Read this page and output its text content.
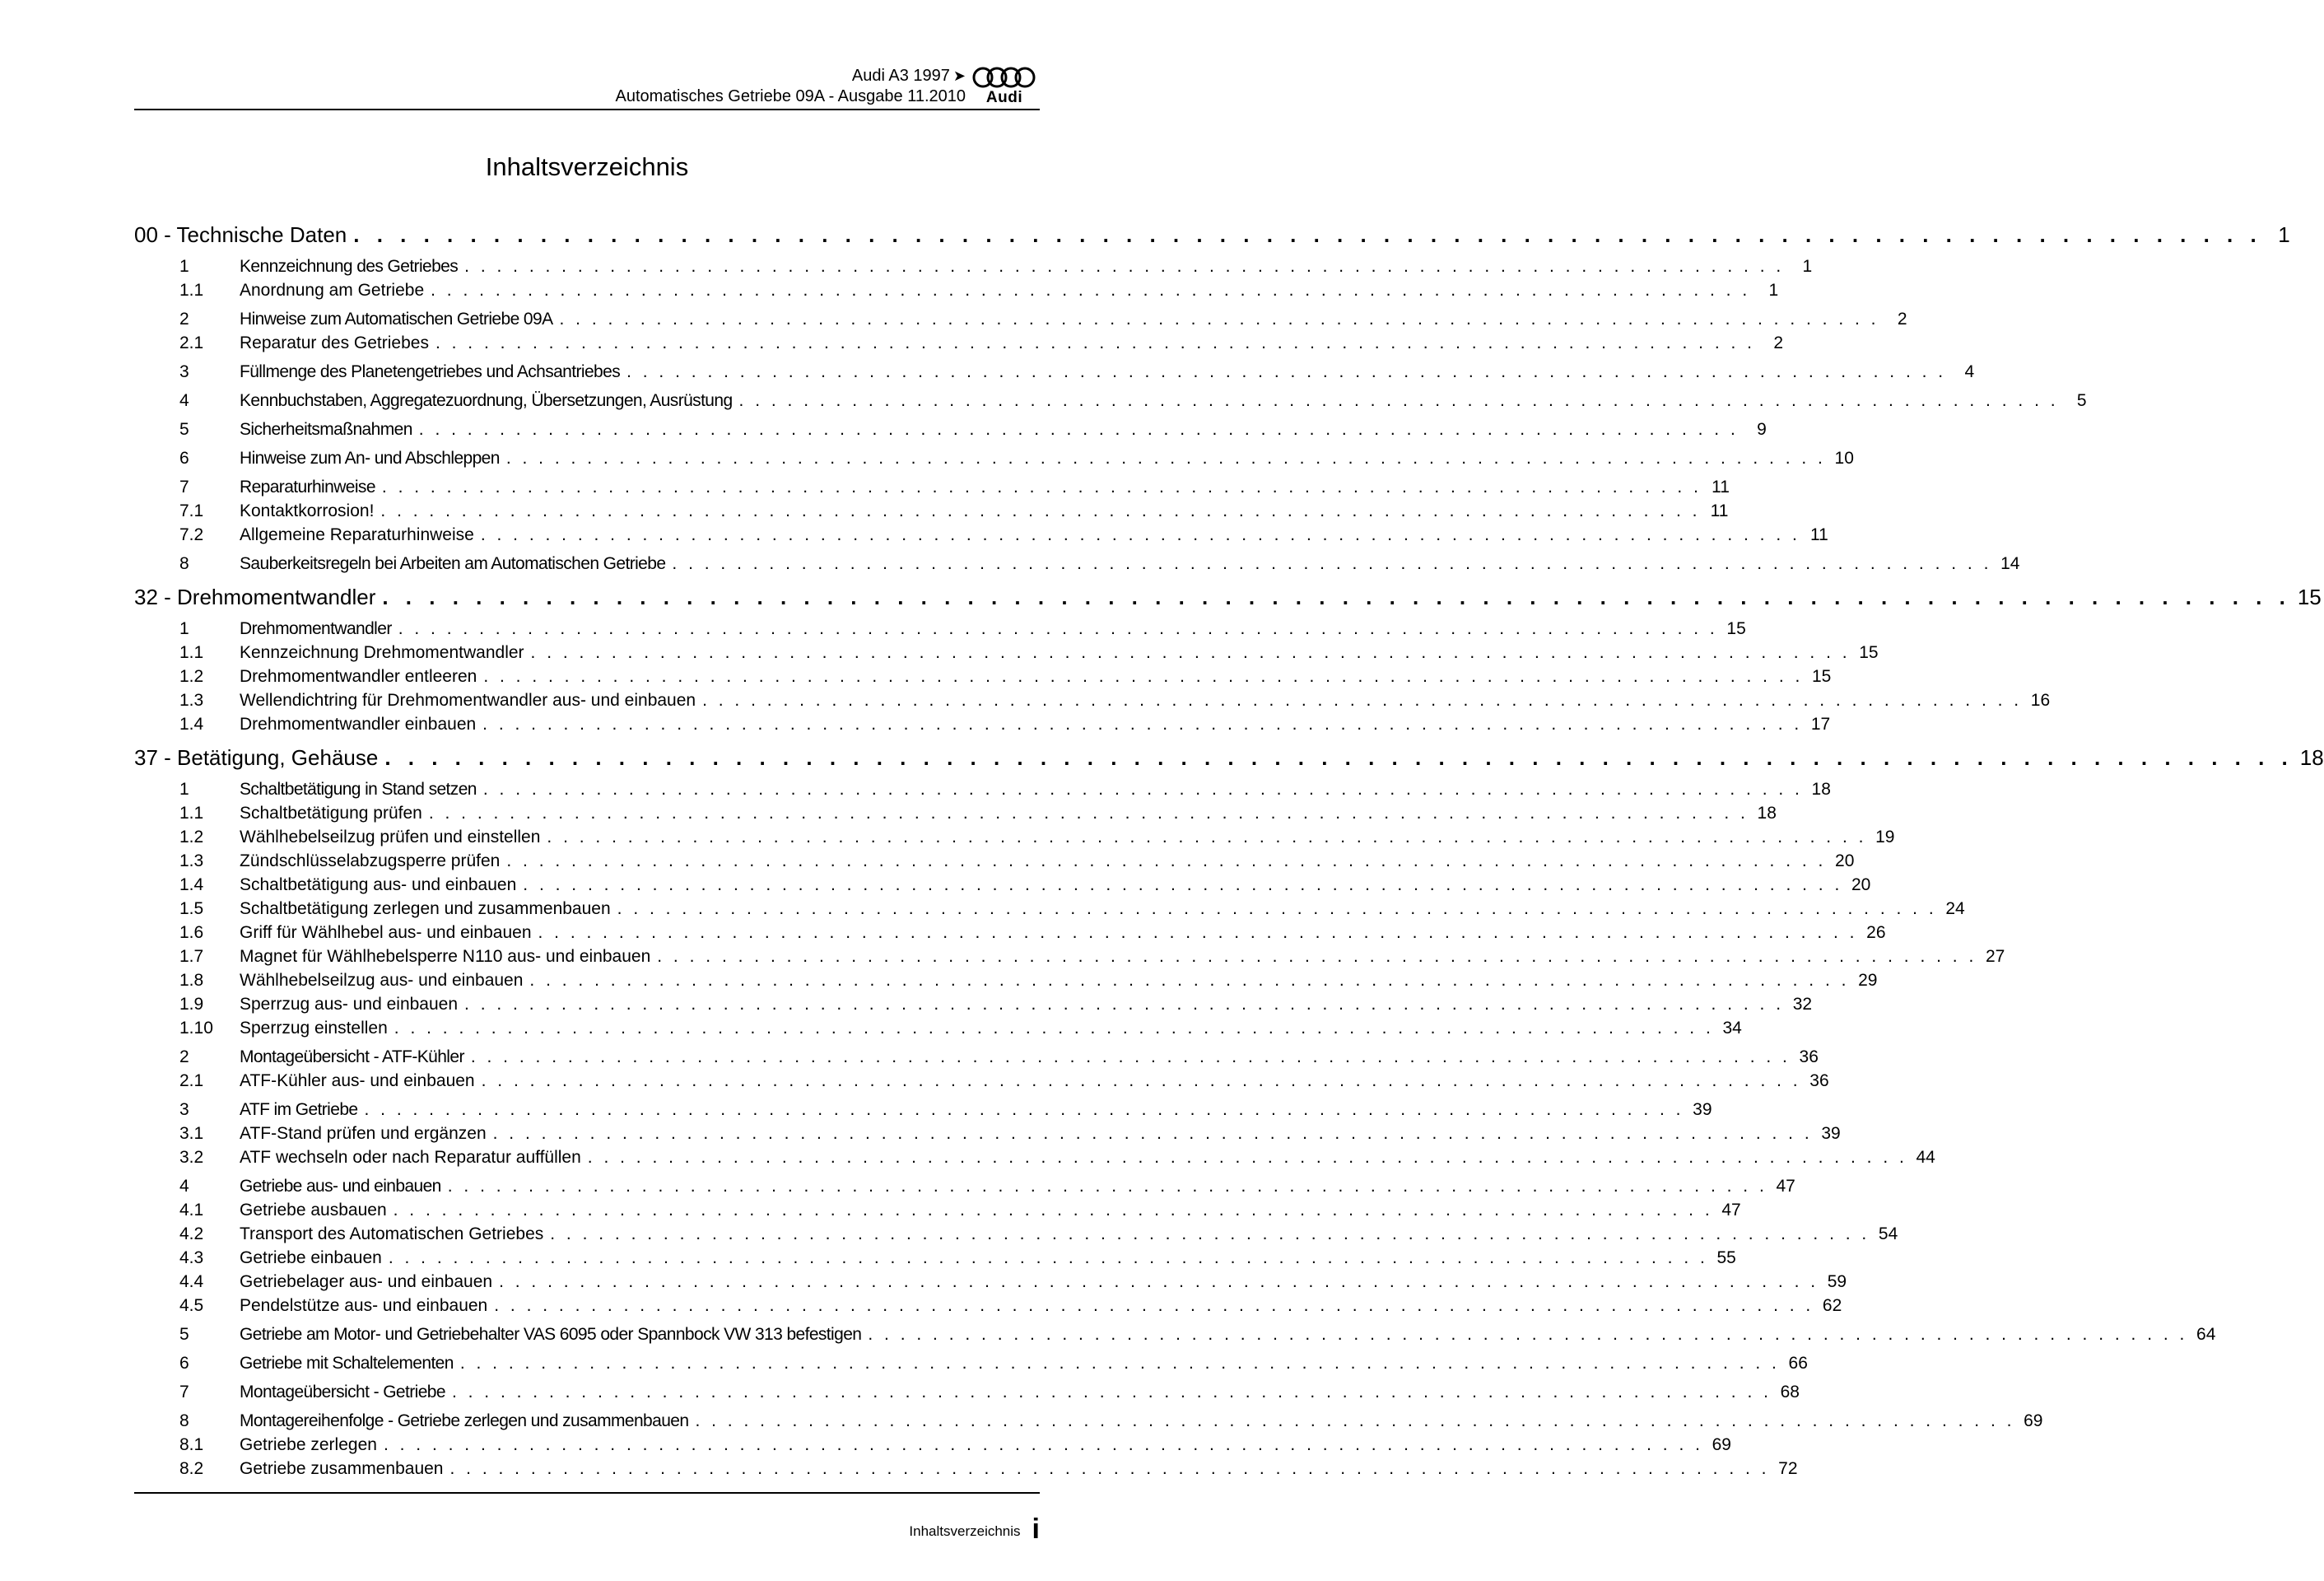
Audi A3 1997 ➤
Automatisches Getriebe 09A - Ausgabe 11.2010	Audi
Inhaltsverzeichnis
00 - Technische Daten . . . . . . . . . . . . . . . . . . . . . . . . . . . . . . . . . . . . . . . . . . . . . . . . . . . . . . . . . . . . . . . . . . . . . . . . . . . . . . . . . . 1
1	Kennzeichnung des Getriebes . . . . . . . . . . . . . . . . . . . . . . . . . . . . . . . . . . . . . . . . . . . . . . . . . . . . . . . . . . . . . . . . . . . . . . . . . . . . . . . . . .	1
1.1	Anordnung am Getriebe . . . . . . . . . . . . . . . . . . . . . . . . . . . . . . . . . . . . . . . . . . . . . . . . . . . . . . . . . . . . . . . . . . . . . . . . . . . . . . . . . .	1
2	Hinweise zum Automatischen Getriebe 09A . . . . . . . . . . . . . . . . . . . . . . . . . . . . . . . . . . . . . . . . . . . . . . . . . . . . . . . . . . . . . . . . . . . . . . . . . . . . . . . . . .	2
2.1	Reparatur des Getriebes . . . . . . . . . . . . . . . . . . . . . . . . . . . . . . . . . . . . . . . . . . . . . . . . . . . . . . . . . . . . . . . . . . . . . . . . . . . . . . . . . .	2
3	Füllmenge des Planetengetriebes und Achsantriebes . . . . . . . . . . . . . . . . . . . . . . . . . . . . . . . . . . . . . . . . . . . . . . . . . . . . . . . . . . . . . . . . . . . . . . . . . . . . . . . . . .	4
4	Kennbuchstaben, Aggregatezuordnung, Übersetzungen, Ausrüstung . . . . . . . . . . . . . . . . . . . . . . . . . . . . . . . . . . . . . . . . . . . . . . . . . . . . . . . . . . . . . . . . . . . . . . . . . . . . . . . . . .	5
5	Sicherheitsmaßnahmen . . . . . . . . . . . . . . . . . . . . . . . . . . . . . . . . . . . . . . . . . . . . . . . . . . . . . . . . . . . . . . . . . . . . . . . . . . . . . . . . . .	9
6	Hinweise zum An- und Abschleppen . . . . . . . . . . . . . . . . . . . . . . . . . . . . . . . . . . . . . . . . . . . . . . . . . . . . . . . . . . . . . . . . . . . . . . . . . . . . . . . . . . 10
7	Reparaturhinweise . . . . . . . . . . . . . . . . . . . . . . . . . . . . . . . . . . . . . . . . . . . . . . . . . . . . . . . . . . . . . . . . . . . . . . . . . . . . . . . . . . 11
7.1	Kontaktkorrosion! . . . . . . . . . . . . . . . . . . . . . . . . . . . . . . . . . . . . . . . . . . . . . . . . . . . . . . . . . . . . . . . . . . . . . . . . . . . . . . . . . . 11
7.2	Allgemeine Reparaturhinweise . . . . . . . . . . . . . . . . . . . . . . . . . . . . . . . . . . . . . . . . . . . . . . . . . . . . . . . . . . . . . . . . . . . . . . . . . . . . . . . . . . 11
8	Sauberkeitsregeln bei Arbeiten am Automatischen Getriebe . . . . . . . . . . . . . . . . . . . . . . . . . . . . . . . . . . . . . . . . . . . . . . . . . . . . . . . . . . . . . . . . . . . . . . . . . . . . . . . . . . 14
32 - Drehmomentwandler . . . . . . . . . . . . . . . . . . . . . . . . . . . . . . . . . . . . . . . . . . . . . . . . . . . . . . . . . . . . . . . . . . . . . . . . . . . . . . . . . . 15
1	Drehmomentwandler . . . . . . . . . . . . . . . . . . . . . . . . . . . . . . . . . . . . . . . . . . . . . . . . . . . . . . . . . . . . . . . . . . . . . . . . . . . . . . . . . . 15
1.1	Kennzeichnung Drehmomentwandler . . . . . . . . . . . . . . . . . . . . . . . . . . . . . . . . . . . . . . . . . . . . . . . . . . . . . . . . . . . . . . . . . . . . . . . . . . . . . . . . . . 15
1.2	Drehmomentwandler entleeren . . . . . . . . . . . . . . . . . . . . . . . . . . . . . . . . . . . . . . . . . . . . . . . . . . . . . . . . . . . . . . . . . . . . . . . . . . . . . . . . . . 15
1.3	Wellendichtring für Drehmomentwandler aus- und einbauen . . . . . . . . . . . . . . . . . . . . . . . . . . . . . . . . . . . . . . . . . . . . . . . . . . . . . . . . . . . . . . . . . . . . . . . . . . . . . . . . . . 16
1.4	Drehmomentwandler einbauen . . . . . . . . . . . . . . . . . . . . . . . . . . . . . . . . . . . . . . . . . . . . . . . . . . . . . . . . . . . . . . . . . . . . . . . . . . . . . . . . . . 17
37 - Betätigung, Gehäuse . . . . . . . . . . . . . . . . . . . . . . . . . . . . . . . . . . . . . . . . . . . . . . . . . . . . . . . . . . . . . . . . . . . . . . . . . . . . . . . . . . 18
1	Schaltbetätigung in Stand setzen . . . . . . . . . . . . . . . . . . . . . . . . . . . . . . . . . . . . . . . . . . . . . . . . . . . . . . . . . . . . . . . . . . . . . . . . . . . . . . . . . . 18
1.1	Schaltbetätigung prüfen . . . . . . . . . . . . . . . . . . . . . . . . . . . . . . . . . . . . . . . . . . . . . . . . . . . . . . . . . . . . . . . . . . . . . . . . . . . . . . . . . . 18
1.2	Wählhebelseilzug prüfen und einstellen . . . . . . . . . . . . . . . . . . . . . . . . . . . . . . . . . . . . . . . . . . . . . . . . . . . . . . . . . . . . . . . . . . . . . . . . . . . . . . . . . . 19
1.3	Zündschlüsselabzugsperre prüfen . . . . . . . . . . . . . . . . . . . . . . . . . . . . . . . . . . . . . . . . . . . . . . . . . . . . . . . . . . . . . . . . . . . . . . . . . . . . . . . . . . 20
1.4	Schaltbetätigung aus- und einbauen . . . . . . . . . . . . . . . . . . . . . . . . . . . . . . . . . . . . . . . . . . . . . . . . . . . . . . . . . . . . . . . . . . . . . . . . . . . . . . . . . . 20
1.5	Schaltbetätigung zerlegen und zusammenbauen . . . . . . . . . . . . . . . . . . . . . . . . . . . . . . . . . . . . . . . . . . . . . . . . . . . . . . . . . . . . . . . . . . . . . . . . . . . . . . . . . . 24
1.6	Griff für Wählhebel aus- und einbauen . . . . . . . . . . . . . . . . . . . . . . . . . . . . . . . . . . . . . . . . . . . . . . . . . . . . . . . . . . . . . . . . . . . . . . . . . . . . . . . . . . 26
1.7	Magnet für Wählhebelsperre N110 aus- und einbauen . . . . . . . . . . . . . . . . . . . . . . . . . . . . . . . . . . . . . . . . . . . . . . . . . . . . . . . . . . . . . . . . . . . . . . . . . . . . . . . . . . 27
1.8	Wählhebelseilzug aus- und einbauen . . . . . . . . . . . . . . . . . . . . . . . . . . . . . . . . . . . . . . . . . . . . . . . . . . . . . . . . . . . . . . . . . . . . . . . . . . . . . . . . . . 29
1.9	Sperrzug aus- und einbauen . . . . . . . . . . . . . . . . . . . . . . . . . . . . . . . . . . . . . . . . . . . . . . . . . . . . . . . . . . . . . . . . . . . . . . . . . . . . . . . . . . 32
1.10	Sperrzug einstellen . . . . . . . . . . . . . . . . . . . . . . . . . . . . . . . . . . . . . . . . . . . . . . . . . . . . . . . . . . . . . . . . . . . . . . . . . . . . . . . . . . 34
2	Montageübersicht - ATF-Kühler . . . . . . . . . . . . . . . . . . . . . . . . . . . . . . . . . . . . . . . . . . . . . . . . . . . . . . . . . . . . . . . . . . . . . . . . . . . . . . . . . . 36
2.1	ATF-Kühler aus- und einbauen . . . . . . . . . . . . . . . . . . . . . . . . . . . . . . . . . . . . . . . . . . . . . . . . . . . . . . . . . . . . . . . . . . . . . . . . . . . . . . . . . . 36
3	ATF im Getriebe . . . . . . . . . . . . . . . . . . . . . . . . . . . . . . . . . . . . . . . . . . . . . . . . . . . . . . . . . . . . . . . . . . . . . . . . . . . . . . . . . . 39
3.1	ATF-Stand prüfen und ergänzen . . . . . . . . . . . . . . . . . . . . . . . . . . . . . . . . . . . . . . . . . . . . . . . . . . . . . . . . . . . . . . . . . . . . . . . . . . . . . . . . . . 39
3.2	ATF wechseln oder nach Reparatur auffüllen . . . . . . . . . . . . . . . . . . . . . . . . . . . . . . . . . . . . . . . . . . . . . . . . . . . . . . . . . . . . . . . . . . . . . . . . . . . . . . . . . . 44
4	Getriebe aus- und einbauen . . . . . . . . . . . . . . . . . . . . . . . . . . . . . . . . . . . . . . . . . . . . . . . . . . . . . . . . . . . . . . . . . . . . . . . . . . . . . . . . . . 47
4.1	Getriebe ausbauen . . . . . . . . . . . . . . . . . . . . . . . . . . . . . . . . . . . . . . . . . . . . . . . . . . . . . . . . . . . . . . . . . . . . . . . . . . . . . . . . . . 47
4.2	Transport des Automatischen Getriebes . . . . . . . . . . . . . . . . . . . . . . . . . . . . . . . . . . . . . . . . . . . . . . . . . . . . . . . . . . . . . . . . . . . . . . . . . . . . . . . . . . 54
4.3	Getriebe einbauen . . . . . . . . . . . . . . . . . . . . . . . . . . . . . . . . . . . . . . . . . . . . . . . . . . . . . . . . . . . . . . . . . . . . . . . . . . . . . . . . . . 55
4.4	Getriebelager aus- und einbauen . . . . . . . . . . . . . . . . . . . . . . . . . . . . . . . . . . . . . . . . . . . . . . . . . . . . . . . . . . . . . . . . . . . . . . . . . . . . . . . . . . 59
4.5	Pendelstütze aus- und einbauen . . . . . . . . . . . . . . . . . . . . . . . . . . . . . . . . . . . . . . . . . . . . . . . . . . . . . . . . . . . . . . . . . . . . . . . . . . . . . . . . . . 62
5	Getriebe am Motor- und Getriebehalter VAS 6095 oder Spannbock VW 313 befestigen . . . . . . . . . . . . . . . . . . . . . . . . . . . . . . . . . . . . . . . . . . . . . . . . . . . . . . . . . . . . . . . . . . . . . . . . . . . . . . . . . . 64
6	Getriebe mit Schaltelementen . . . . . . . . . . . . . . . . . . . . . . . . . . . . . . . . . . . . . . . . . . . . . . . . . . . . . . . . . . . . . . . . . . . . . . . . . . . . . . . . . . 66
7	Montageübersicht - Getriebe . . . . . . . . . . . . . . . . . . . . . . . . . . . . . . . . . . . . . . . . . . . . . . . . . . . . . . . . . . . . . . . . . . . . . . . . . . . . . . . . . . 68
8	Montagereihenfolge - Getriebe zerlegen und zusammenbauen . . . . . . . . . . . . . . . . . . . . . . . . . . . . . . . . . . . . . . . . . . . . . . . . . . . . . . . . . . . . . . . . . . . . . . . . . . . . . . . . . . 69
8.1	Getriebe zerlegen . . . . . . . . . . . . . . . . . . . . . . . . . . . . . . . . . . . . . . . . . . . . . . . . . . . . . . . . . . . . . . . . . . . . . . . . . . . . . . . . . . 69
8.2	Getriebe zusammenbauen . . . . . . . . . . . . . . . . . . . . . . . . . . . . . . . . . . . . . . . . . . . . . . . . . . . . . . . . . . . . . . . . . . . . . . . . . . . . . . . . . . 72
Inhaltsverzeichnis i
